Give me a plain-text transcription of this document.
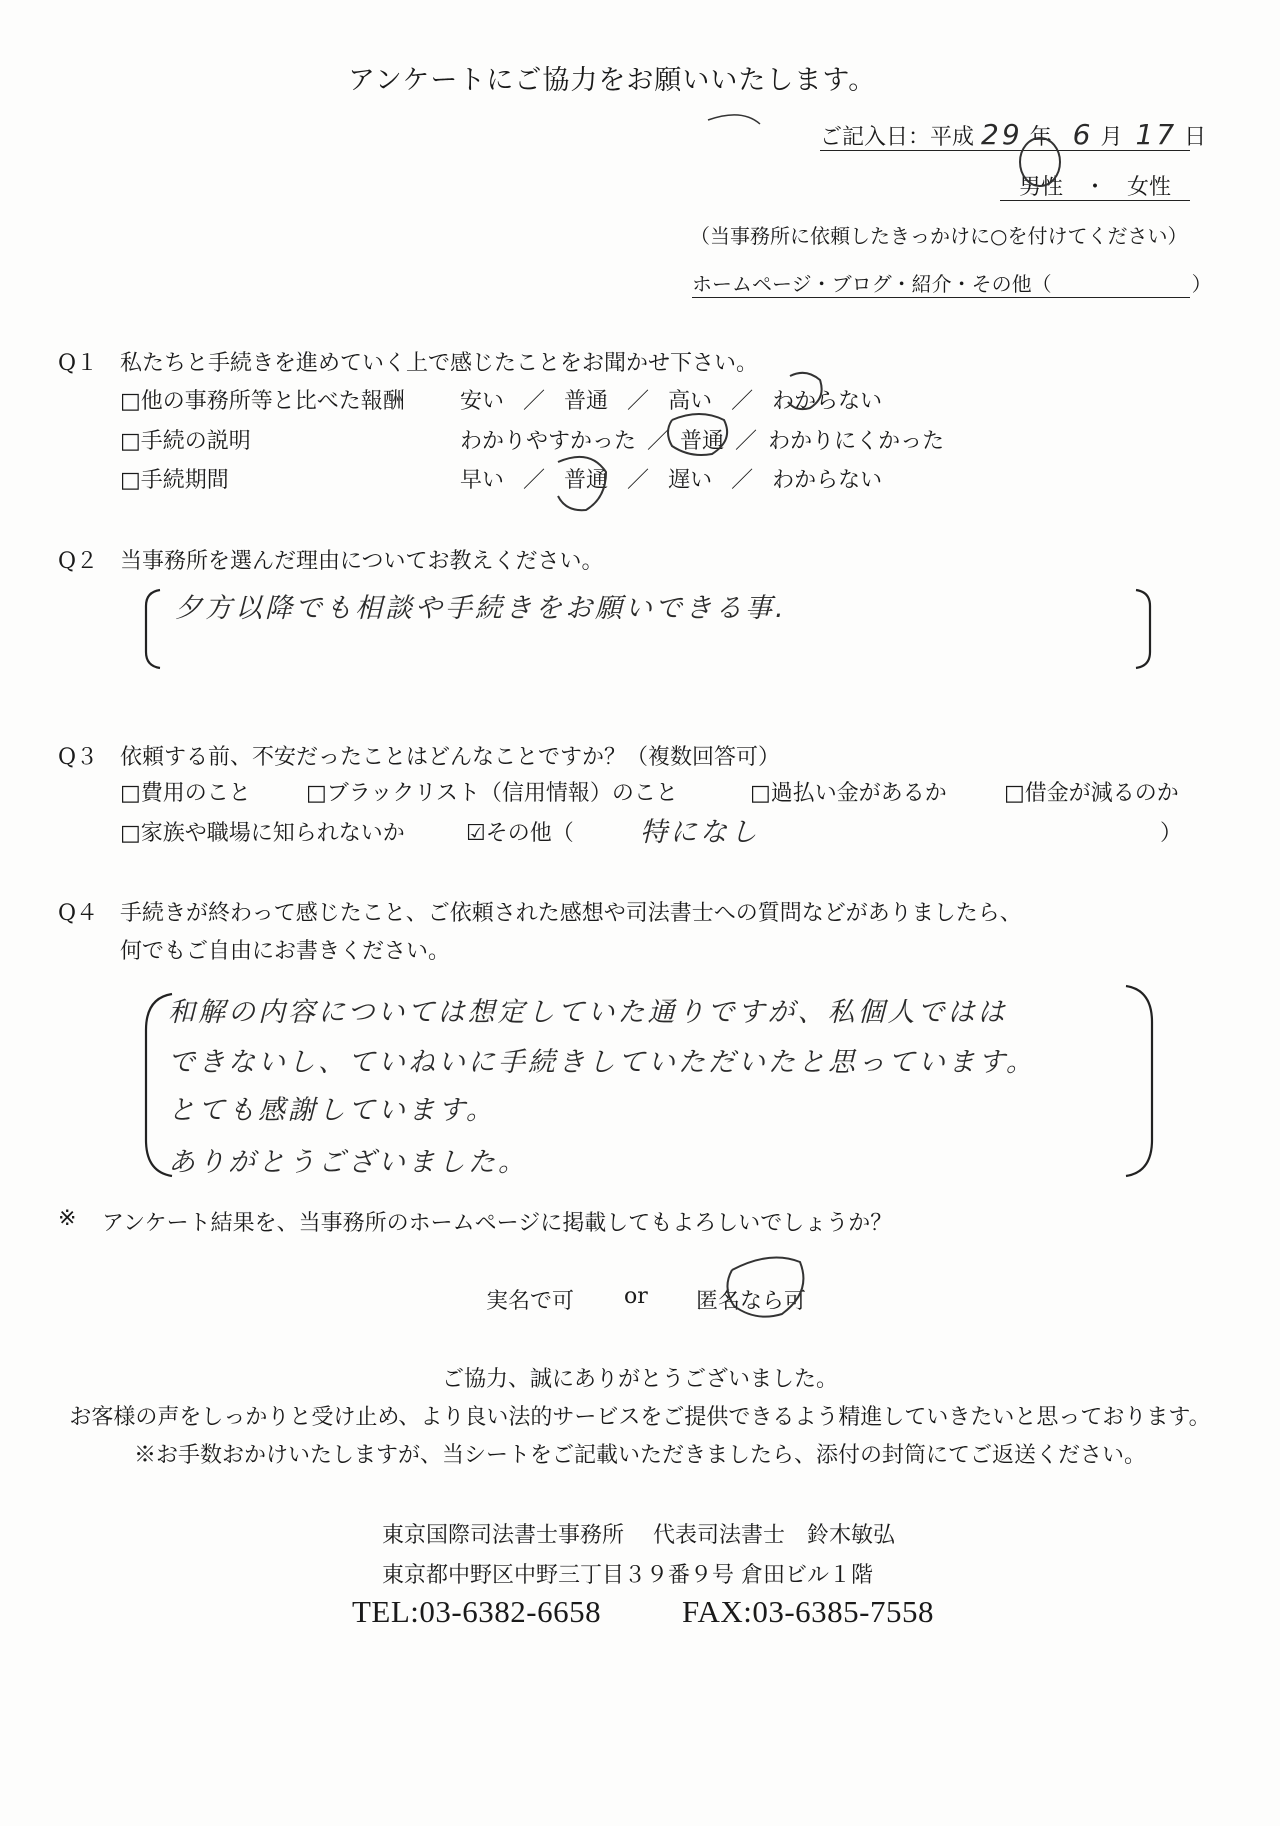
アンケートにご協力をお願いいたします。
ご記入日：平成 29 年 6 月 17 日
男性 ・ 女性
（当事務所に依頼したきっかけに○を付けてください）
ホームページ・ブログ・紹介・その他（　　　　　　　）
Q１ 私たちと手続きを進めていく上で感じたことをお聞かせ下さい。
□他の事務所等と比べた報酬	安い ／ 普通 ／ 高い ／ わからない
□手続の説明	わかりやすかった ／ 普通 ／ わかりにくかった
□手続期間	早い ／ 普通 ／ 遅い ／ わからない
Q２ 当事務所を選んだ理由についてお教えください。
夕方以降でも相談や手続きをお願いできる事.
Q３ 依頼する前、不安だったことはどんなことですか？（複数回答可）
□費用のこと	□ブラックリスト（信用情報）のこと	□過払い金があるか	□借金が減るのか
□家族や職場に知られないか	☑その他（ 特になし	）
Q４ 手続きが終わって感じたこと、ご依頼された感想や司法書士への質問などがありましたら、
何でもご自由にお書きください。
和解の内容については想定していた通りですが、私個人ではは
できないし、ていねいに手続きしていただいたと思っています。
とても感謝しています。
ありがとうございました。
※ アンケート結果を、当事務所のホームページに掲載してもよろしいでしょうか？
実名で可 or 匿名なら可
ご協力、誠にありがとうございました。
お客様の声をしっかりと受け止め、より良い法的サービスをご提供できるよう精進していきたいと思っております。
※お手数おかけいたしますが、当シートをご記載いただきましたら、添付の封筒にてご返送ください。
東京国際司法書士事務所 代表司法書士　鈴木敏弘
東京都中野区中野三丁目３９番９号 倉田ビル１階
TEL:03-6382-6658	FAX:03-6385-7558
